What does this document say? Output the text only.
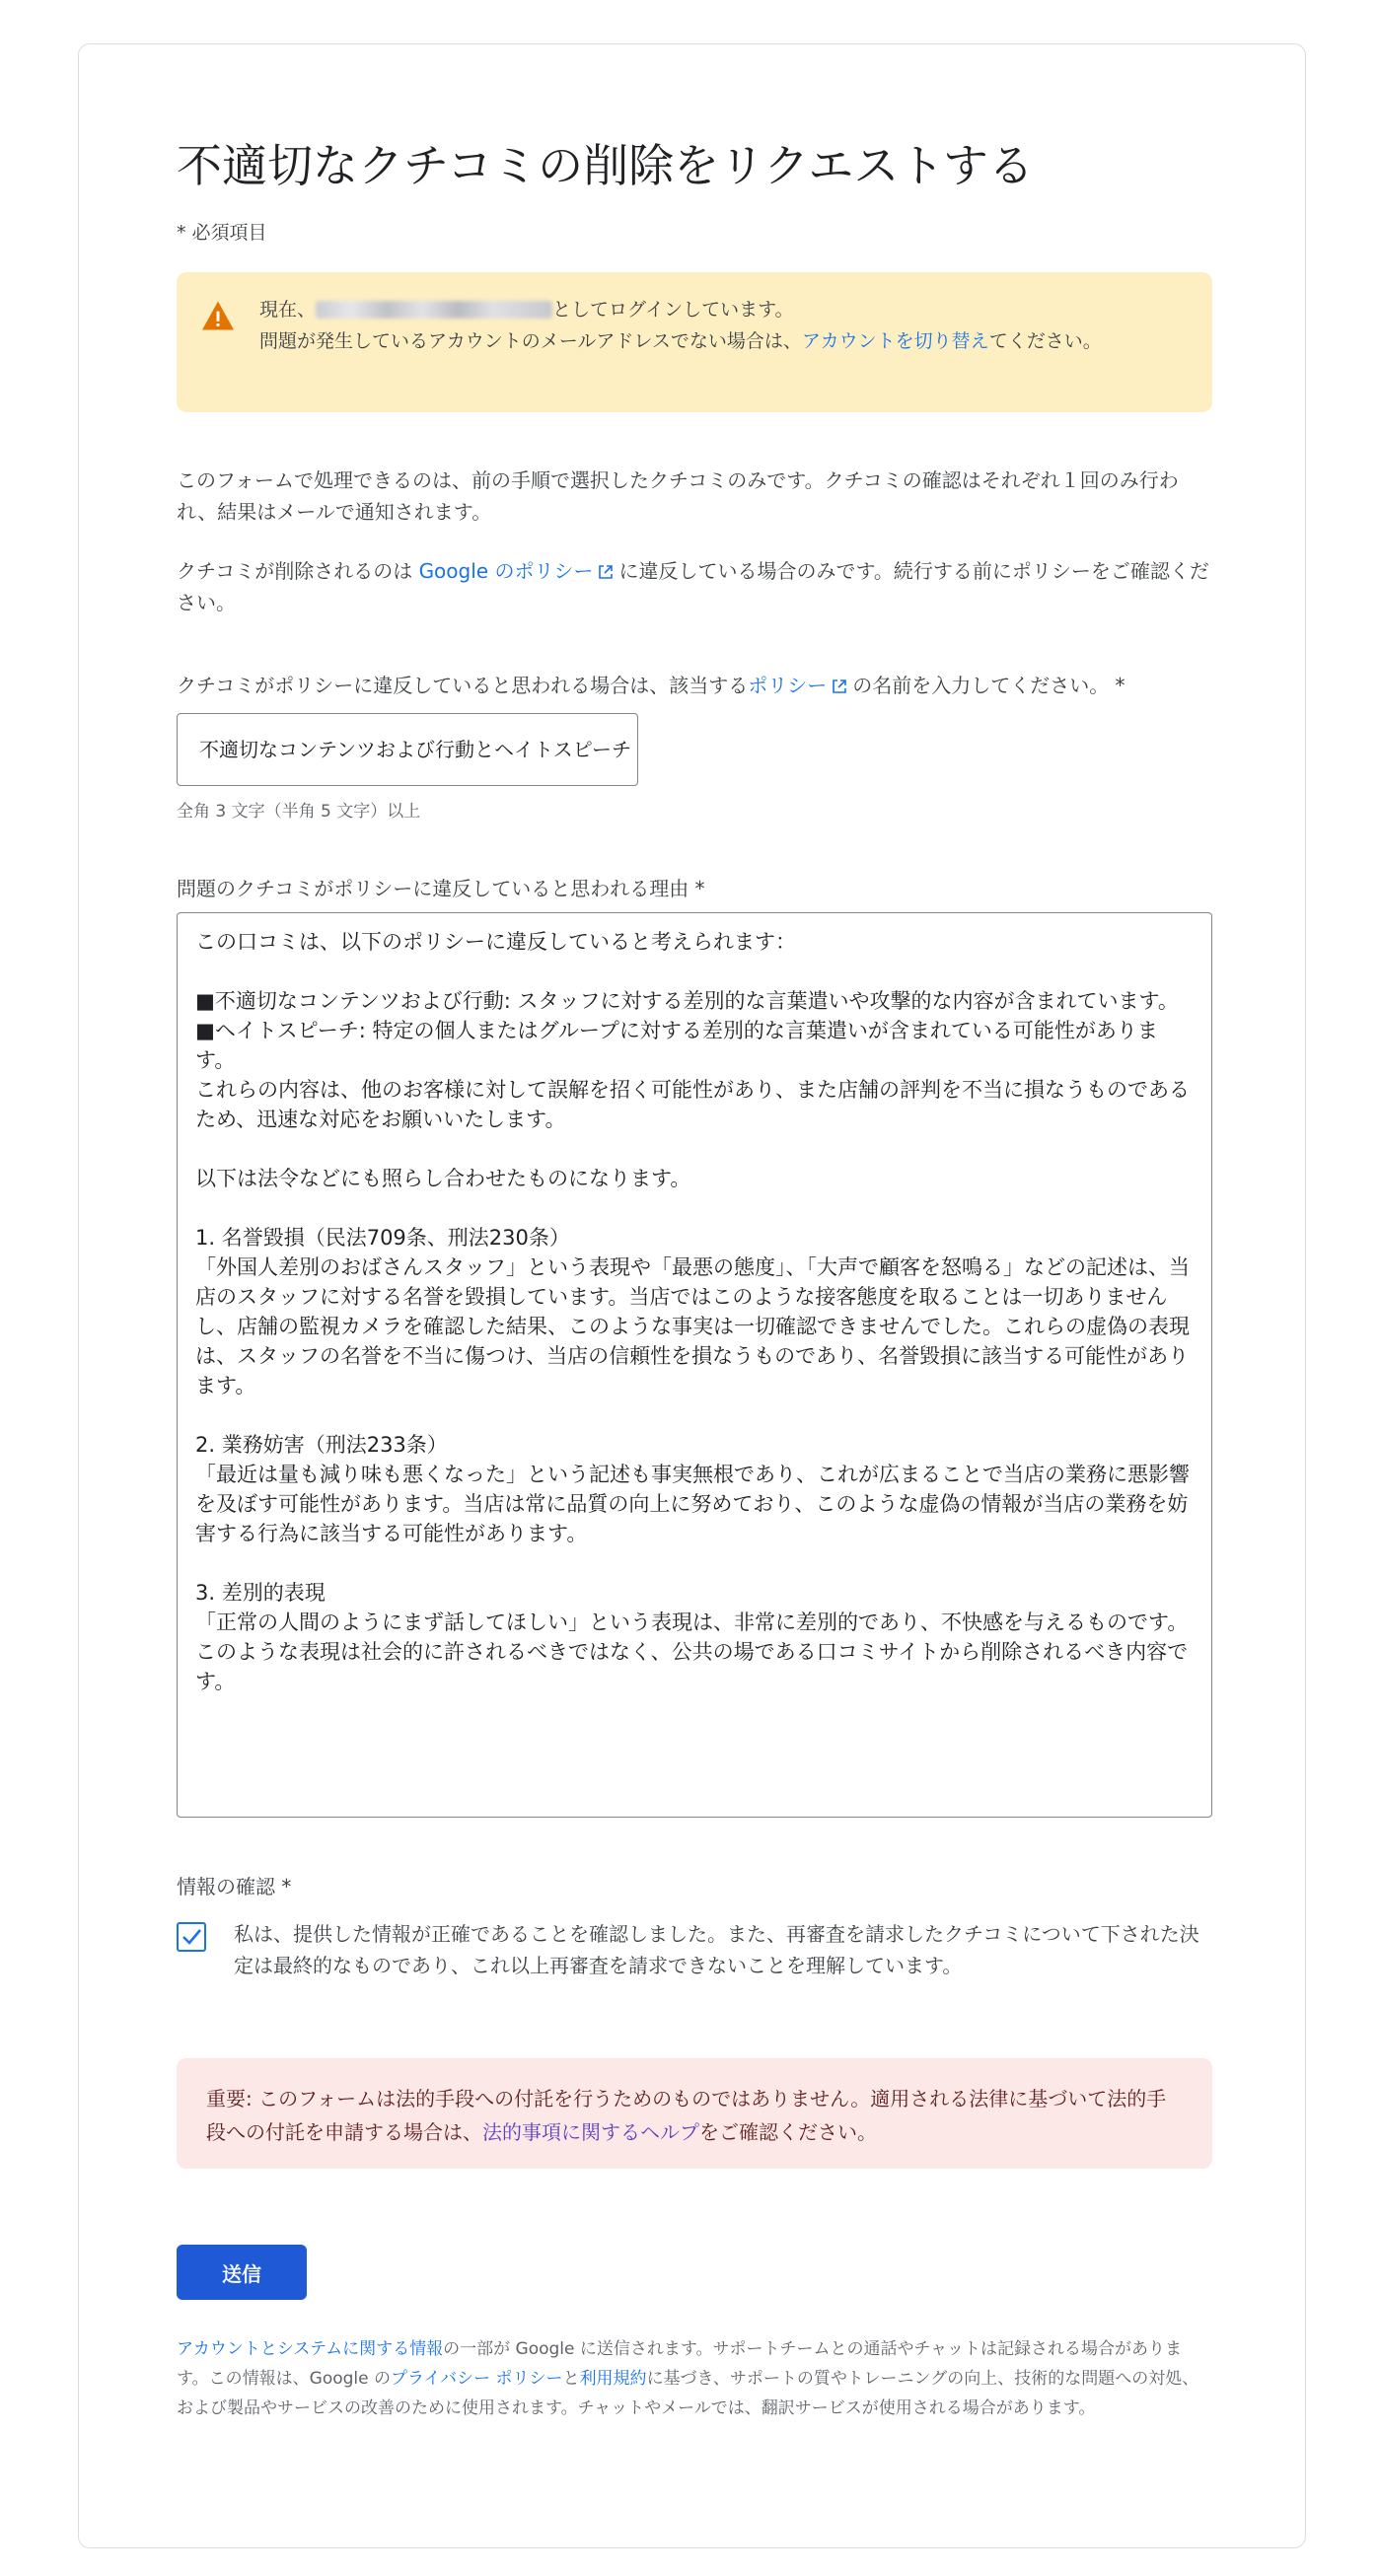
不適切なクチコミの削除をリクエストする
* 必須項目
現在、	としてログインしています。
問題が発生しているアカウントのメールアドレスでない場合は、アカウントを切り替えてください。
このフォームで処理できるのは、前の手順で選択したクチコミのみです。クチコミの確認はそれぞれ１回のみ行われ、結果はメールで通知されます。
クチコミが削除されるのは Google のポリシー に違反している場合のみです。続行する前にポリシーをご確認ください。
クチコミがポリシーに違反していると思われる場合は、該当するポリシー の名前を入力してください。 *
不適切なコンテンツおよび行動とヘイトスピーチ
全角 3 文字（半角 5 文字）以上
問題のクチコミがポリシーに違反していると思われる理由 *
この口コミは、以下のポリシーに違反していると考えられます：

■不適切なコンテンツおよび行動: スタッフに対する差別的な言葉遣いや攻撃的な内容が含まれています。
■ヘイトスピーチ: 特定の個人またはグループに対する差別的な言葉遣いが含まれている可能性があります。
これらの内容は、他のお客様に対して誤解を招く可能性があり、また店舗の評判を不当に損なうものであるため、迅速な対応をお願いいたします。

以下は法令などにも照らし合わせたものになります。

1. 名誉毀損（民法709条、刑法230条）
「外国人差別のおばさんスタッフ」という表現や「最悪の態度」、「大声で顧客を怒鳴る」などの記述は、当店のスタッフに対する名誉を毀損しています。当店ではこのような接客態度を取ることは一切ありませんし、店舗の監視カメラを確認した結果、このような事実は一切確認できませんでした。これらの虚偽の表現は、スタッフの名誉を不当に傷つけ、当店の信頼性を損なうものであり、名誉毀損に該当する可能性があります。

2. 業務妨害（刑法233条）
「最近は量も減り味も悪くなった」という記述も事実無根であり、これが広まることで当店の業務に悪影響を及ぼす可能性があります。当店は常に品質の向上に努めており、このような虚偽の情報が当店の業務を妨害する行為に該当する可能性があります。

3. 差別的表現
「正常の人間のようにまず話してほしい」という表現は、非常に差別的であり、不快感を与えるものです。このような表現は社会的に許されるべきではなく、公共の場である口コミサイトから削除されるべき内容です。
情報の確認 *
私は、提供した情報が正確であることを確認しました。また、再審査を請求したクチコミについて下された決定は最終的なものであり、これ以上再審査を請求できないことを理解しています。
重要: このフォームは法的手段への付託を行うためのものではありません。適用される法律に基づいて法的手段への付託を申請する場合は、法的事項に関するヘルプをご確認ください。
送信
アカウントとシステムに関する情報の一部が Google に送信されます。サポートチームとの通話やチャットは記録される場合があります。この情報は、Google のプライバシー ポリシーと利用規約に基づき、サポートの質やトレーニングの向上、技術的な問題への対処、および製品やサービスの改善のために使用されます。チャットやメールでは、翻訳サービスが使用される場合があります。
